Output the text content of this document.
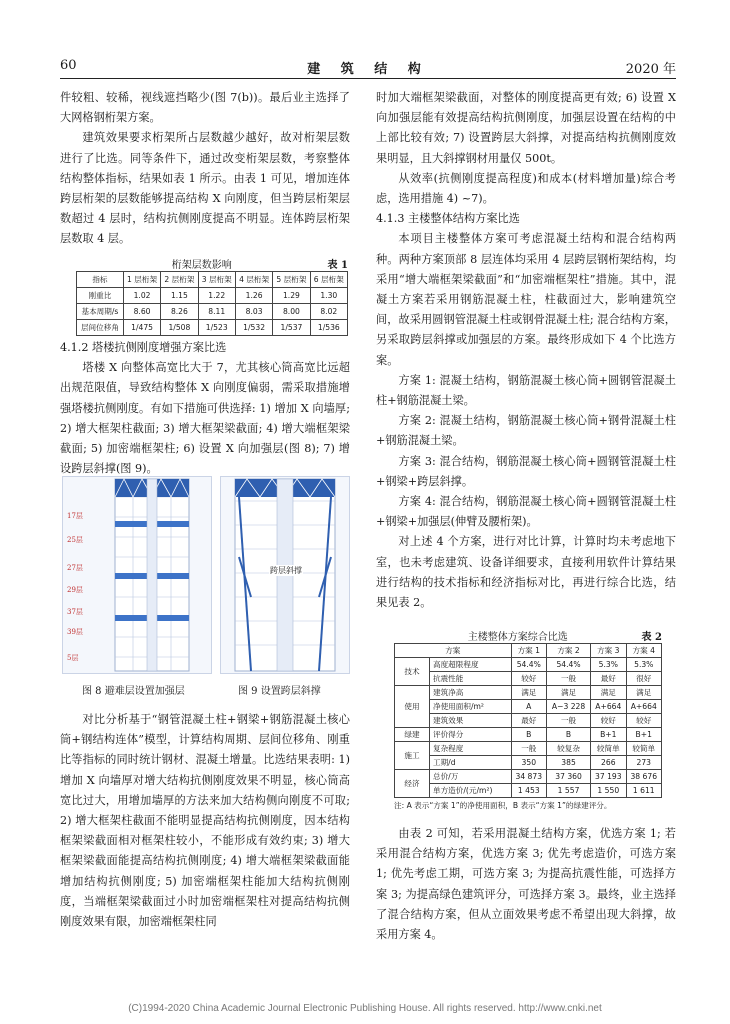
60	建 筑 结 构	2020 年

件较粗、较稀，视线遮挡略少(图 7(b))。最后业主选择了大网格钢桁架方案。

建筑效果要求桁架所占层数越少越好，故对桁架层数进行了比选。同等条件下，通过改变桁架层数，考察整体结构整体指标，结果如表 1 所示。由表 1 可见，增加连体跨层桁架的层数能够提高结构 X 向刚度，但当跨层桁架层数超过 4 层时，结构抗侧刚度提高不明显。连体跨层桁架层数取 4 层。

桁架层数影响	表 1
指标	1 层桁架	2 层桁架	3 层桁架	4 层桁架	5 层桁架	6 层桁架
刚重比	1.02	1.15	1.22	1.26	1.29	1.30
基本周期/s	8.60	8.26	8.11	8.03	8.00	8.02
层间位移角	1/475	1/508	1/523	1/532	1/537	1/536

4.1.2 塔楼抗侧刚度增强方案比选

塔楼 X 向整体高宽比大于 7，尤其核心筒高宽比远超出规范限值，导致结构整体 X 向刚度偏弱，需采取措施增强塔楼抗侧刚度。有如下措施可供选择: 1) 增加 X 向墙厚; 2) 增大框架柱截面; 3) 增大框架梁截面; 4) 增大端框架梁截面; 5) 加密端框架柱; 6) 设置 X 向加强层(图 8); 7) 增设跨层斜撑(图 9)。

17层
25层
27层
29层
37层
39层
5层
跨层斜撑
图 8 避难层设置加强层	图 9 设置跨层斜撑

对比分析基于“钢管混凝土柱+钢梁+钢筋混凝土核心筒+钢结构连体”模型，计算结构周期、层间位移角、刚重比等指标的同时统计钢材、混凝土增量。比选结果表明: 1) 增加 X 向墙厚对增大结构抗侧刚度效果不明显，核心筒高宽比过大，用增加墙厚的方法来加大结构侧向刚度不可取; 2) 增大框架柱截面不能明显提高结构抗侧刚度，因本结构框架梁截面相对框架柱较小，不能形成有效约束; 3) 增大框架梁截面能提高结构抗侧刚度; 4) 增大端框架梁截面能增加结构抗侧刚度; 5) 加密端框架柱能加大结构抗侧刚度，当端框架梁截面过小时加密端框架柱对提高结构抗侧刚度效果有限，加密端框架柱同

时加大端框架梁截面，对整体的刚度提高更有效; 6) 设置 X 向加强层能有效提高结构抗侧刚度，加强层设置在结构的中上部比较有效; 7) 设置跨层大斜撑，对提高结构抗侧刚度效果明显，且大斜撑钢材用量仅 500t。

从效率(抗侧刚度提高程度)和成本(材料增加量)综合考虑，选用措施 4) ~7)。

4.1.3 主楼整体结构方案比选

本项目主楼整体方案可考虑混凝土结构和混合结构两种。两种方案顶部 8 层连体均采用 4 层跨层钢桁架结构，均采用“增大端框架梁截面”和“加密端框架柱”措施。其中，混凝土方案若采用钢筋混凝土柱，柱截面过大，影响建筑空间，故采用圆钢管混凝土柱或钢骨混凝土柱; 混合结构方案，另采取跨层斜撑或加强层的方案。最终形成如下 4 个比选方案。

方案 1: 混凝土结构，钢筋混凝土核心筒+圆钢管混凝土柱+钢筋混凝土梁。

方案 2: 混凝土结构，钢筋混凝土核心筒+钢骨混凝土柱+钢筋混凝土梁。

方案 3: 混合结构，钢筋混凝土核心筒+圆钢管混凝土柱+钢梁+跨层斜撑。

方案 4: 混合结构，钢筋混凝土核心筒+圆钢管混凝土柱+钢梁+加强层(伸臂及腰桁架)。

对上述 4 个方案，进行对比计算，计算时均未考虑地下室，也未考虑建筑、设备详细要求，直接利用软件计算结果进行结构的技术指标和经济指标对比，再进行综合比选，结果见表 2。

主楼整体方案综合比选	表 2
方案		方案 1	方案 2	方案 3	方案 4
技术	高度超限程度	54.4%	54.4%	5.3%	5.3%
	抗震性能	较好	一般	最好	很好
使用	建筑净高	满足	满足	满足	满足
	净使用面积/m²	A	A−3 228	A+664	A+664
	建筑效果	最好	一般	较好	较好
绿建	评价得分	B	B	B+1	B+1
施工	复杂程度	一般	较复杂	较简单	较简单
	工期/d	350	385	266	273
经济	总价/万	34 873	37 360	37 193	38 676
	单方造价/(元/m²)	1 453	1 557	1 550	1 611
注: A 表示“方案 1”的净使用面积，B 表示“方案 1”的绿建评分。

由表 2 可知，若采用混凝土结构方案，优选方案 1; 若采用混合结构方案，优选方案 3; 优先考虑造价，可选方案 1; 优先考虑工期，可选方案 3; 为提高抗震性能，可选择方案 3; 为提高绿色建筑评分，可选择方案 3。最终，业主选择了混合结构方案，但从立面效果考虑不希望出现大斜撑，故采用方案 4。

(C)1994-2020 China Academic Journal Electronic Publishing House. All rights reserved. http://www.cnki.net
